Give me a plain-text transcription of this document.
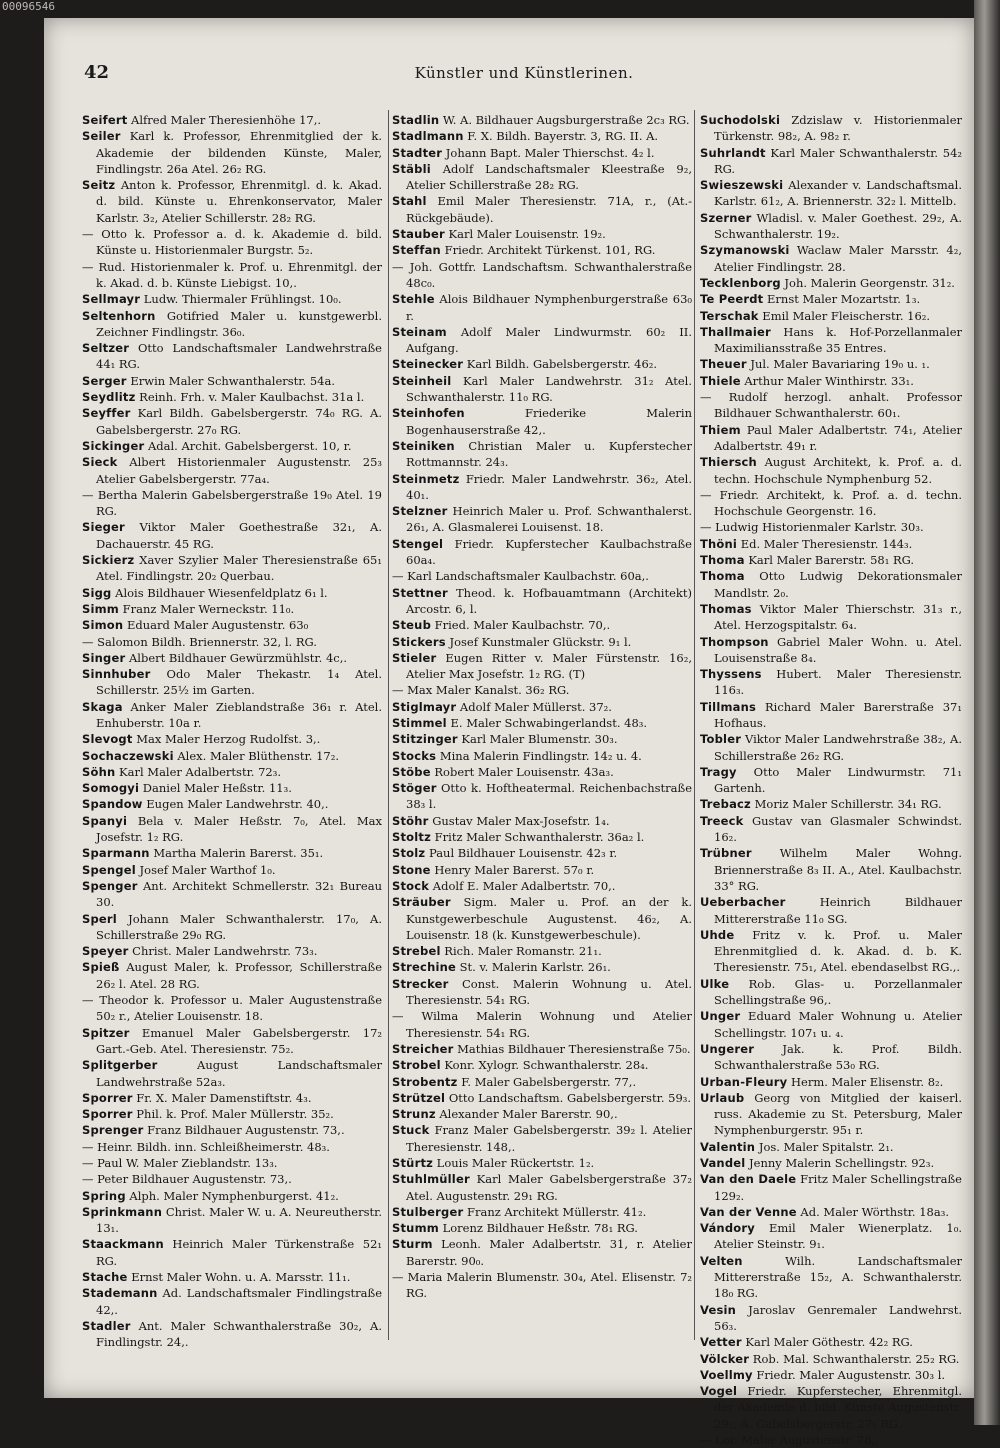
00096546
42	Künstler und Künstlerinen.

Seifert Alfred Maler Theresienhöhe 17,.

Seiler Karl k. Professor, Ehrenmitglied der k. Akademie der bildenden Künste, Maler, Findlingstr. 26a Atel. 26₂ RG.

Seitz Anton k. Professor, Ehrenmitgl. d. k. Akad. d. bild. Künste u. Ehrenkonservator, Maler Karlstr. 3₂, Atelier Schillerstr. 28₂ RG.

— Otto k. Professor a. d. k. Akademie d. bild. Künste u. Historienmaler Burgstr. 5₂.

— Rud. Historienmaler k. Prof. u. Ehrenmitgl. der k. Akad. d. b. Künste Liebigst. 10,.

Sellmayr Ludw. Thiermaler Frühlingst. 10₀.

Seltenhorn Gotifried Maler u. kunstgewerbl. Zeichner Findlingstr. 36₀.

Seltzer Otto Landschaftsmaler Landwehrstraße 44₁ RG.

Serger Erwin Maler Schwanthalerstr. 54a.

Seydlitz Reinh. Frh. v. Maler Kaulbachst. 31a l.

Seyffer Karl Bildh. Gabelsbergerstr. 74₀ RG. A. Gabelsbergerstr. 27₀ RG.

Sickinger Adal. Archit. Gabelsbergerst. 10, r.

Sieck Albert Historienmaler Augustenstr. 25₃ Atelier Gabelsbergerstr. 77a₄.

— Bertha Malerin Gabelsbergerstraße 19₀ Atel. 19 RG.

Sieger Viktor Maler Goethestraße 32₁, A. Dachauerstr. 45 RG.

Sickierz Xaver Szylier Maler Theresienstraße 65₁ Atel. Findlingstr. 20₂ Querbau.

Sigg Alois Bildhauer Wiesenfeldplatz 6₁ l.

Simm Franz Maler Werneckstr. 11₀.

Simon Eduard Maler Augustenstr. 63₀

— Salomon Bildh. Briennerstr. 32, l. RG.

Singer Albert Bildhauer Gewürzmühlstr. 4c,.

Sinnhuber Odo Maler Thekastr. 1₄ Atel. Schillerstr. 25½ im Garten.

Skaga Anker Maler Zieblandstraße 36₁ r. Atel. Enhuberstr. 10a r.

Slevogt Max Maler Herzog Rudolfst. 3,.

Sochaczewski Alex. Maler Blüthenstr. 17₂.

Söhn Karl Maler Adalbertstr. 72₃.

Somogyi Daniel Maler Heßstr. 11₃.

Spandow Eugen Maler Landwehrstr. 40,.

Spanyi Bela v. Maler Heßstr. 7₀, Atel. Max Josefstr. 1₂ RG.

Sparmann Martha Malerin Barerst. 35₁.

Spengel Josef Maler Warthof 1₀.

Spenger Ant. Architekt Schmellerstr. 32₁ Bureau 30.

Sperl Johann Maler Schwanthalerstr. 17₀, A. Schillerstraße 29₀ RG.

Speyer Christ. Maler Landwehrstr. 73₃.

Spieß August Maler, k. Professor, Schillerstraße 26₂ l. Atel. 28 RG.

— Theodor k. Professor u. Maler Augustenstraße 50₂ r., Atelier Louisenstr. 18.

Spitzer Emanuel Maler Gabelsbergerstr. 17₂ Gart.-Geb. Atel. Theresienstr. 75₂.

Splitgerber August Landschaftsmaler Landwehrstraße 52a₃.

Sporrer Fr. X. Maler Damenstiftstr. 4₃.

Sporrer Phil. k. Prof. Maler Müllerstr. 35₂.

Sprenger Franz Bildhauer Augustenstr. 73,.

— Heinr. Bildh. inn. Schleißheimerstr. 48₃.

— Paul W. Maler Zieblandstr. 13₃.

— Peter Bildhauer Augustenstr. 73,.

Spring Alph. Maler Nymphenburgerst. 41₂.

Sprinkmann Christ. Maler W. u. A. Neureutherstr. 13₁.

Staackmann Heinrich Maler Türkenstraße 52₁ RG.

Stache Ernst Maler Wohn. u. A. Marsstr. 11₁.

Stademann Ad. Landschaftsmaler Findlingstraße 42,.

Stadler Ant. Maler Schwanthalerstraße 30₂, A. Findlingstr. 24,.

Stadlin W. A. Bildhauer Augsburgerstraße 2c₃ RG.

Stadlmann F. X. Bildh. Bayerstr. 3, RG. II. A.

Stadter Johann Bapt. Maler Thierschst. 4₂ l.

Stäbli Adolf Landschaftsmaler Kleestraße 9₂, Atelier Schillerstraße 28₂ RG.

Stahl Emil Maler Theresienstr. 71A, r., (At.-Rückgebäude).

Stauber Karl Maler Louisenstr. 19₂.

Steffan Friedr. Architekt Türkenst. 101, RG.

— Joh. Gottfr. Landschaftsm. Schwanthalerstraße 48c₀.

Stehle Alois Bildhauer Nymphenburgerstraße 63₀ r.

Steinam Adolf Maler Lindwurmstr. 60₂ II. Aufgang.

Steinecker Karl Bildh. Gabelsbergerstr. 46₂.

Steinheil Karl Maler Landwehrstr. 31₂ Atel. Schwanthalerstr. 11₀ RG.

Steinhofen Friederike Malerin Bogenhauserstraße 42,.

Steiniken Christian Maler u. Kupferstecher Rottmannstr. 24₃.

Steinmetz Friedr. Maler Landwehrstr. 36₂, Atel. 40₁.

Stelzner Heinrich Maler u. Prof. Schwanthalerst. 26₁, A. Glasmalerei Louisenst. 18.

Stengel Friedr. Kupferstecher Kaulbachstraße 60a₄.

— Karl Landschaftsmaler Kaulbachstr. 60a,.

Stettner Theod. k. Hofbauamtmann (Architekt) Arcostr. 6, l.

Steub Fried. Maler Kaulbachstr. 70,.

Stickers Josef Kunstmaler Glückstr. 9₁ l.

Stieler Eugen Ritter v. Maler Fürstenstr. 16₂, Atelier Max Josefstr. 1₂ RG. (T)

— Max Maler Kanalst. 36₂ RG.

Stiglmayr Adolf Maler Müllerst. 37₂.

Stimmel E. Maler Schwabingerlandst. 48₃.

Stitzinger Karl Maler Blumenstr. 30₃.

Stocks Mina Malerin Findlingstr. 14₂ u. 4.

Stöbe Robert Maler Louisenstr. 43a₃.

Stöger Otto k. Hoftheatermal. Reichenbachstraße 38₃ l.

Stöhr Gustav Maler Max-Josefstr. 1₄.

Stoltz Fritz Maler Schwanthalerstr. 36a₂ l.

Stolz Paul Bildhauer Louisenstr. 42₃ r.

Stone Henry Maler Barerst. 57₀ r.

Stock Adolf E. Maler Adalbertstr. 70,.

Sträuber Sigm. Maler u. Prof. an der k. Kunstgewerbeschule Augustenst. 46₂, A. Louisenstr. 18 (k. Kunstgewerbeschule).

Strebel Rich. Maler Romanstr. 21₁.

Strechine St. v. Malerin Karlstr. 26₁.

Strecker Const. Malerin Wohnung u. Atel. Theresienstr. 54₁ RG.

— Wilma Malerin Wohnung und Atelier Theresienstr. 54₁ RG.

Streicher Mathias Bildhauer Theresienstraße 75₀.

Strobel Konr. Xylogr. Schwanthalerstr. 28₄.

Strobentz F. Maler Gabelsbergerstr. 77,.

Strützel Otto Landschaftsm. Gabelsbergerstr. 59₃.

Strunz Alexander Maler Barerstr. 90,.

Stuck Franz Maler Gabelsbergerstr. 39₂ l. Atelier Theresienstr. 148,.

Stürtz Louis Maler Rückertstr. 1₂.

Stuhlmüller Karl Maler Gabelsbergerstraße 37₂ Atel. Augustenstr. 29₁ RG.

Stulberger Franz Architekt Müllerstr. 41₂.

Stumm Lorenz Bildhauer Heßstr. 78₁ RG.

Sturm Leonh. Maler Adalbertstr. 31, r. Atelier Barerstr. 90₀.

— Maria Malerin Blumenstr. 30₄, Atel. Elisenstr. 7₂ RG.

Suchodolski Zdzislaw v. Historienmaler Türkenstr. 98₂, A. 98₂ r.

Suhrlandt Karl Maler Schwanthalerstr. 54₂ RG.

Swieszewski Alexander v. Landschaftsmal. Karlstr. 61₂, A. Briennerstr. 32₂ l. Mittelb.

Szerner Wladisl. v. Maler Goethest. 29₂, A. Schwanthalerstr. 19₂.

Szymanowski Waclaw Maler Marsstr. 4₂, Atelier Findlingstr. 28.

Tecklenborg Joh. Malerin Georgenstr. 31₂.

Te Peerdt Ernst Maler Mozartstr. 1₃.

Terschak Emil Maler Fleischerstr. 16₂.

Thallmaier Hans k. Hof-Porzellanmaler Maximiliansstraße 35 Entres.

Theuer Jul. Maler Bavariaring 19₀ u. ₁.

Thiele Arthur Maler Winthirstr. 33₁.

— Rudolf herzogl. anhalt. Professor Bildhauer Schwanthalerstr. 60₁.

Thiem Paul Maler Adalbertstr. 74₁, Atelier Adalbertstr. 49₁ r.

Thiersch August Architekt, k. Prof. a. d. techn. Hochschule Nymphenburg 52.

— Friedr. Architekt, k. Prof. a. d. techn. Hochschule Georgenstr. 16.

— Ludwig Historienmaler Karlstr. 30₃.

Thöni Ed. Maler Theresienstr. 144₃.

Thoma Karl Maler Barerstr. 58₁ RG.

Thoma Otto Ludwig Dekorationsmaler Mandlstr. 2₀.

Thomas Viktor Maler Thierschstr. 31₃ r., Atel. Herzogspitalstr. 6₄.

Thompson Gabriel Maler Wohn. u. Atel. Louisenstraße 8₄.

Thyssens Hubert. Maler Theresienstr. 116₃.

Tillmans Richard Maler Barerstraße 37₁ Hofhaus.

Tobler Viktor Maler Landwehrstraße 38₂, A. Schillerstraße 26₂ RG.

Tragy Otto Maler Lindwurmstr. 71₁ Gartenh.

Trebacz Moriz Maler Schillerstr. 34₁ RG.

Treeck Gustav van Glasmaler Schwindst. 16₂.

Trübner Wilhelm Maler Wohng. Briennerstraße 8₃ II. A., Atel. Kaulbachstr. 33° RG.

Ueberbacher Heinrich Bildhauer Mittererstraße 11₀ SG.

Uhde Fritz v. k. Prof. u. Maler Ehrenmitglied d. k. Akad. d. b. K. Theresienstr. 75₁, Atel. ebendaselbst RG.,.

Ulke Rob. Glas- u. Porzellanmaler Schellingstraße 96,.

Unger Eduard Maler Wohnung u. Atelier Schellingstr. 107₁ u. ₄.

Ungerer Jak. k. Prof. Bildh. Schwanthalerstraße 53₀ RG.

Urban-Fleury Herm. Maler Elisenstr. 8₂.

Urlaub Georg von Mitglied der kaiserl. russ. Akademie zu St. Petersburg, Maler Nymphenburgerstr. 95₁ r.

Valentin Jos. Maler Spitalstr. 2₁.

Vandel Jenny Malerin Schellingstr. 92₃.

Van den Daele Fritz Maler Schellingstraße 129₂.

Van der Venne Ad. Maler Wörthstr. 18a₃.

Vándory Emil Maler Wienerplatz. 1₀. Atelier Steinstr. 9₁.

Velten Wilh. Landschaftsmaler Mittererstraße 15₂, A. Schwanthalerstr. 18₀ RG.

Vesin Jaroslav Genremaler Landwehrst. 56₃.

Vetter Karl Maler Göthestr. 42₂ RG.

Völcker Rob. Mal. Schwanthalerstr. 25₂ RG.

Voellmy Friedr. Maler Augustenstr. 30₃ l.

Vogel Friedr. Kupferstecher, Ehrenmitgl. der Akademie d. bild. Künste Augustenstr. 29₂, A. Gabelsbergerstr. 27₂ RG.

— Lor. Maler Augustenstr. 78,.
